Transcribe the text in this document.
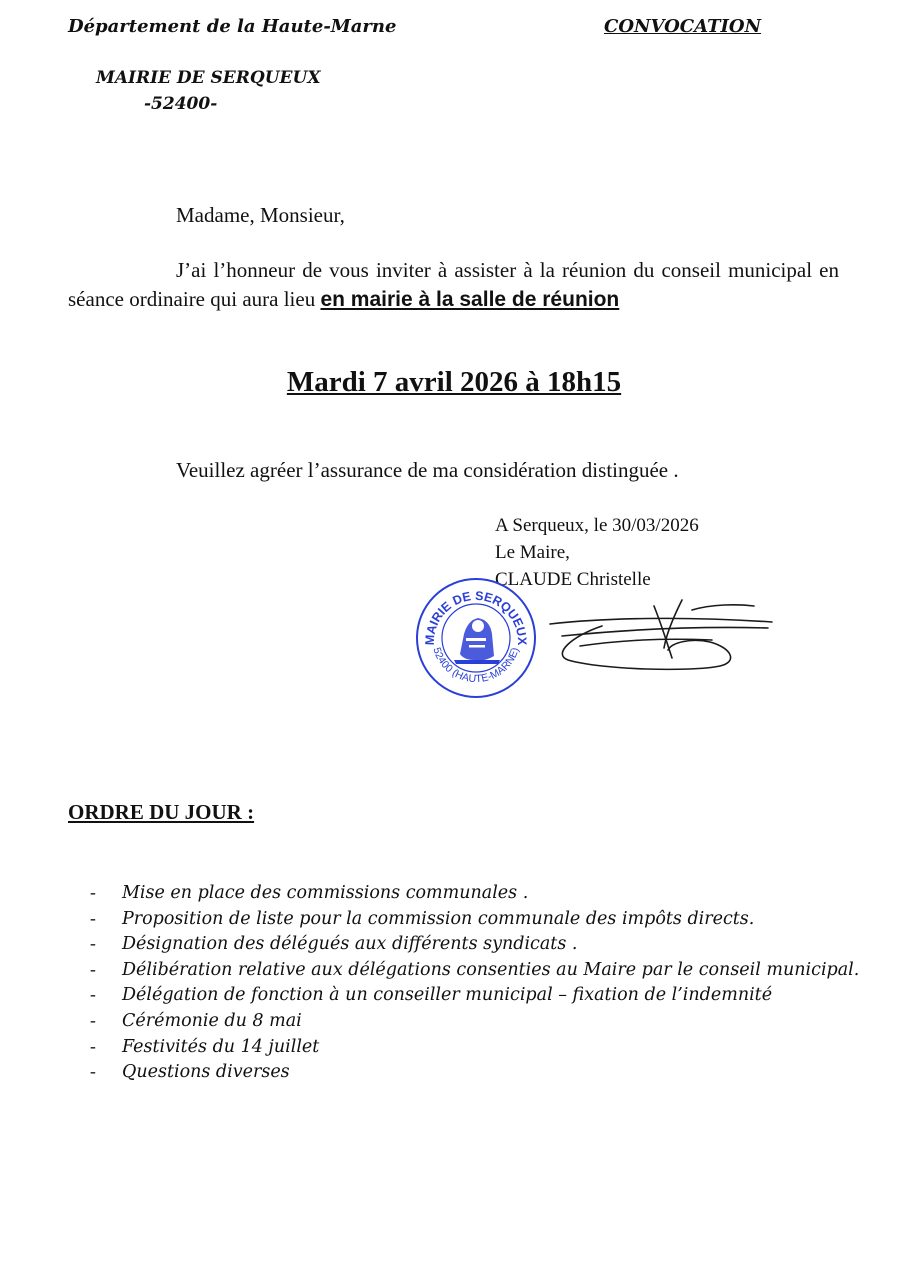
Département de la Haute-Marne	CONVOCATION
MAIRIE DE SERQUEUX
-52400-
Madame, Monsieur,

J’ai l’honneur de vous inviter à assister à la réunion du conseil municipal en séance ordinaire qui aura lieu en mairie à la salle de réunion

Mardi 7 avril 2026 à 18h15
Veuillez agréer l’assurance de ma considération distinguée .
A Serqueux, le 30/03/2026
Le Maire,
CLAUDE Christelle
MAIRIE DE SERQUEUX
52400 (HAUTE-MARNE)
ORDRE DU JOUR :
- Mise en place des commissions communales .
- Proposition de liste pour la commission communale des impôts directs.
- Désignation des délégués aux différents syndicats .
- Délibération relative aux délégations consenties au Maire par le conseil municipal.
- Délégation de fonction à un conseiller municipal – fixation de l’indemnité
- Cérémonie du 8 mai
- Festivités du 14 juillet
- Questions diverses
